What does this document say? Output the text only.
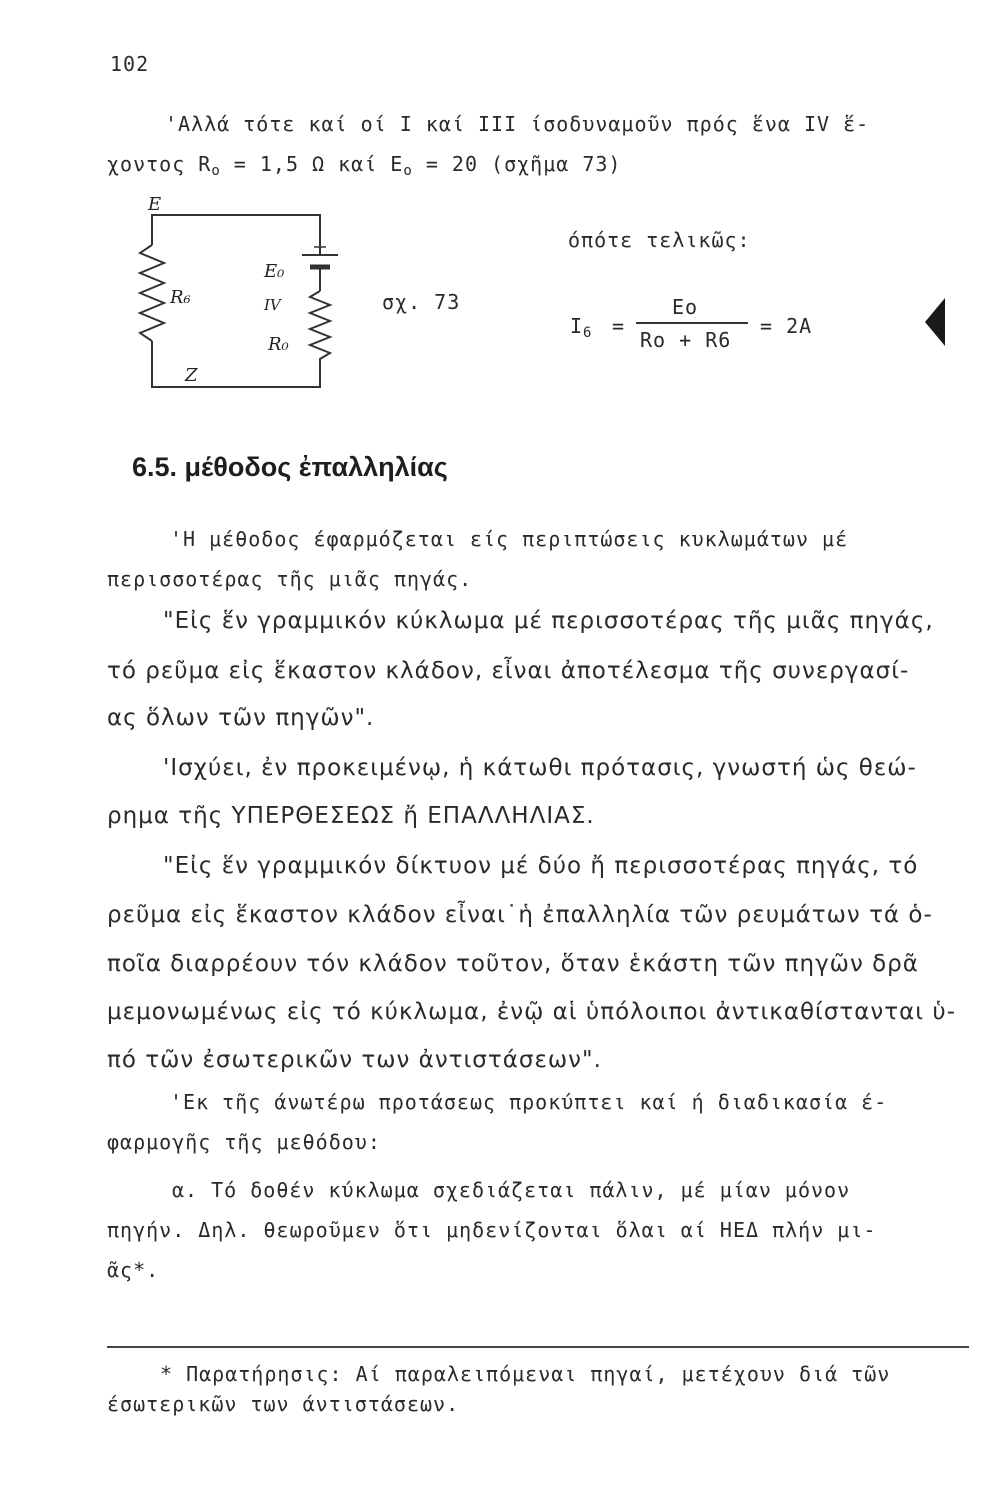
102
'Αλλά τότε καί οί Ι καί ΙΙΙ ίσοδυναμοῦν πρός ἕνα ΙV ἕ-
χοντος $R_o = 1,5$ Ω καί $E_o = 20$ (σχῆμα 73)
E
R₆
E₀
IV
R₀
Z
σχ. 73
όπότε τελικῶς:
$I_6$ =
Eo
Ro + R6
= 2A
6.5. μέθοδος ἐπαλληλίας
'Η μέθοδος έφαρμόζεται είς περιπτώσεις κυκλωμάτων μέ
περισσοτέρας τῆς μιᾶς πηγάς.
"Εἰς ἕν γραμμικόν κύκλωμα μέ περισσοτέρας τῆς μιᾶς πηγάς,
τό ρεῦμα εἰς ἕκαστον κλάδον, εἶναι ἀποτέλεσμα τῆς συνεργασί-
ας ὅλων τῶν πηγῶν".
'Ισχύει, ἐν προκειμένῳ, ἡ κάτωθι πρότασις, γνωστή ὡς θεώ-
ρημα τῆς ΥΠΕΡΘΕΣΕΩΣ ἤ ΕΠΑΛΛΗΛΙΑΣ.
"Εἰς ἕν γραμμικόν δίκτυον μέ δύο ἤ περισσοτέρας πηγάς, τό
ρεῦμα εἰς ἕκαστον κλάδον εἶναι˙ἡ ἐπαλληλία τῶν ρευμάτων τά ὁ-
ποῖα διαρρέουν τόν κλάδον τοῦτον, ὅταν ἑκάστη τῶν πηγῶν δρᾶ
μεμονωμένως εἰς τό κύκλωμα, ἐνῷ αἱ ὑπόλοιποι ἀντικαθίστανται ὑ-
πό τῶν ἐσωτερικῶν των ἀντιστάσεων".
'Εκ τῆς άνωτέρω προτάσεως προκύπτει καί ή διαδικασία έ-
φαρμογῆς τῆς μεθόδου:
α. Τό δοθέν κύκλωμα σχεδιάζεται πάλιν, μέ μίαν μόνον
πηγήν. Δηλ. θεωροῦμεν ὅτι μηδενίζονται ὅλαι αί ΗΕΔ πλήν μι-
ᾶς*.
* Παρατήρησις: Αί παραλειπόμεναι πηγαί, μετέχουν διά τῶν
έσωτερικῶν των άντιστάσεων.
